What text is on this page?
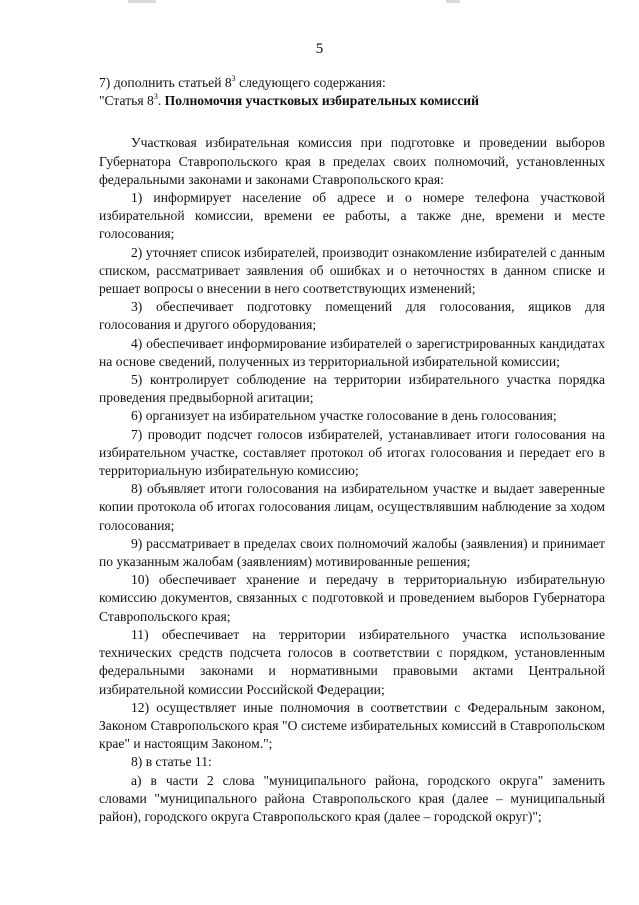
5

7) дополнить статьей $8^3$ следующего содержания:

"Статья $8^3$. Полномочия участковых избирательных комиссий

Участковая избирательная комиссия при подготовке и проведении выборов Губернатора Ставропольского края в пределах своих полномочий, установленных федеральными законами и законами Ставропольского края:

1) информирует население об адресе и о номере телефона участковой избирательной комиссии, времени ее работы, а также дне, времени и месте голосования;

2) уточняет список избирателей, производит ознакомление избирателей с данным списком, рассматривает заявления об ошибках и о неточностях в данном списке и решает вопросы о внесении в него соответствующих изменений;

3) обеспечивает подготовку помещений для голосования, ящиков для голосования и другого оборудования;

4) обеспечивает информирование избирателей о зарегистрированных кандидатах на основе сведений, полученных из территориальной избирательной комиссии;

5) контролирует соблюдение на территории избирательного участка порядка проведения предвыборной агитации;

6) организует на избирательном участке голосование в день голосования;

7) проводит подсчет голосов избирателей, устанавливает итоги голосования на избирательном участке, составляет протокол об итогах голосования и передает его в территориальную избирательную комиссию;

8) объявляет итоги голосования на избирательном участке и выдает заверенные копии протокола об итогах голосования лицам, осуществлявшим наблюдение за ходом голосования;

9) рассматривает в пределах своих полномочий жалобы (заявления) и принимает по указанным жалобам (заявлениям) мотивированные решения;

10) обеспечивает хранение и передачу в территориальную избирательную комиссию документов, связанных с подготовкой и проведением выборов Губернатора Ставропольского края;

11) обеспечивает на территории избирательного участка использование технических средств подсчета голосов в соответствии с порядком, установленным федеральными законами и нормативными правовыми актами Центральной избирательной комиссии Российской Федерации;

12) осуществляет иные полномочия в соответствии с Федеральным законом, Законом Ставропольского края "О системе избирательных комиссий в Ставропольском крае" и настоящим Законом.";

8) в статье 11:

а) в части 2 слова "муниципального района, городского округа" заменить словами "муниципального района Ставропольского края (далее – муниципальный район), городского округа Ставропольского края (далее – городской округ)";
